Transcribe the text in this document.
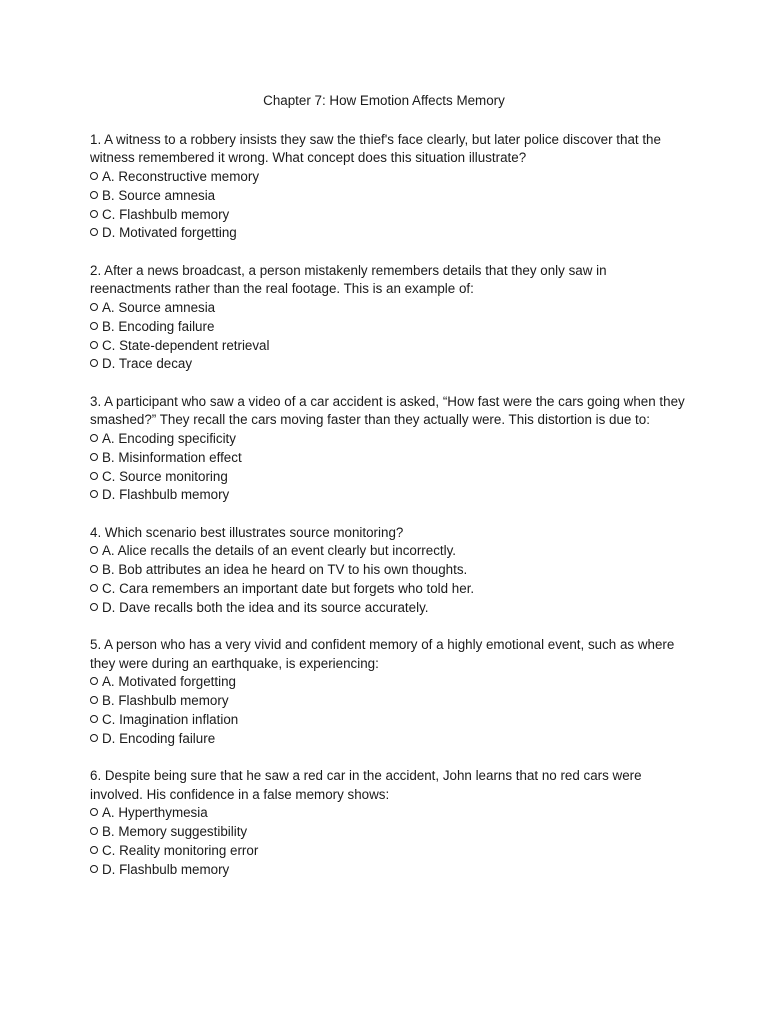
Chapter 7: How Emotion Affects Memory

1. A witness to a robbery insists they saw the thief's face clearly, but later police discover that the witness remembered it wrong. What concept does this situation illustrate?

A. Reconstructive memory
B. Source amnesia
C. Flashbulb memory
D. Motivated forgetting

2. After a news broadcast, a person mistakenly remembers details that they only saw in reenactments rather than the real footage. This is an example of:

A. Source amnesia
B. Encoding failure
C. State-dependent retrieval
D. Trace decay

3. A participant who saw a video of a car accident is asked, “How fast were the cars going when they smashed?” They recall the cars moving faster than they actually were. This distortion is due to:

A. Encoding specificity
B. Misinformation effect
C. Source monitoring
D. Flashbulb memory

4. Which scenario best illustrates source monitoring?

A. Alice recalls the details of an event clearly but incorrectly.
B. Bob attributes an idea he heard on TV to his own thoughts.
C. Cara remembers an important date but forgets who told her.
D. Dave recalls both the idea and its source accurately.

5. A person who has a very vivid and confident memory of a highly emotional event, such as where they were during an earthquake, is experiencing:

A. Motivated forgetting
B. Flashbulb memory
C. Imagination inflation
D. Encoding failure

6. Despite being sure that he saw a red car in the accident, John learns that no red cars were involved. His confidence in a false memory shows:

A. Hyperthymesia
B. Memory suggestibility
C. Reality monitoring error
D. Flashbulb memory
